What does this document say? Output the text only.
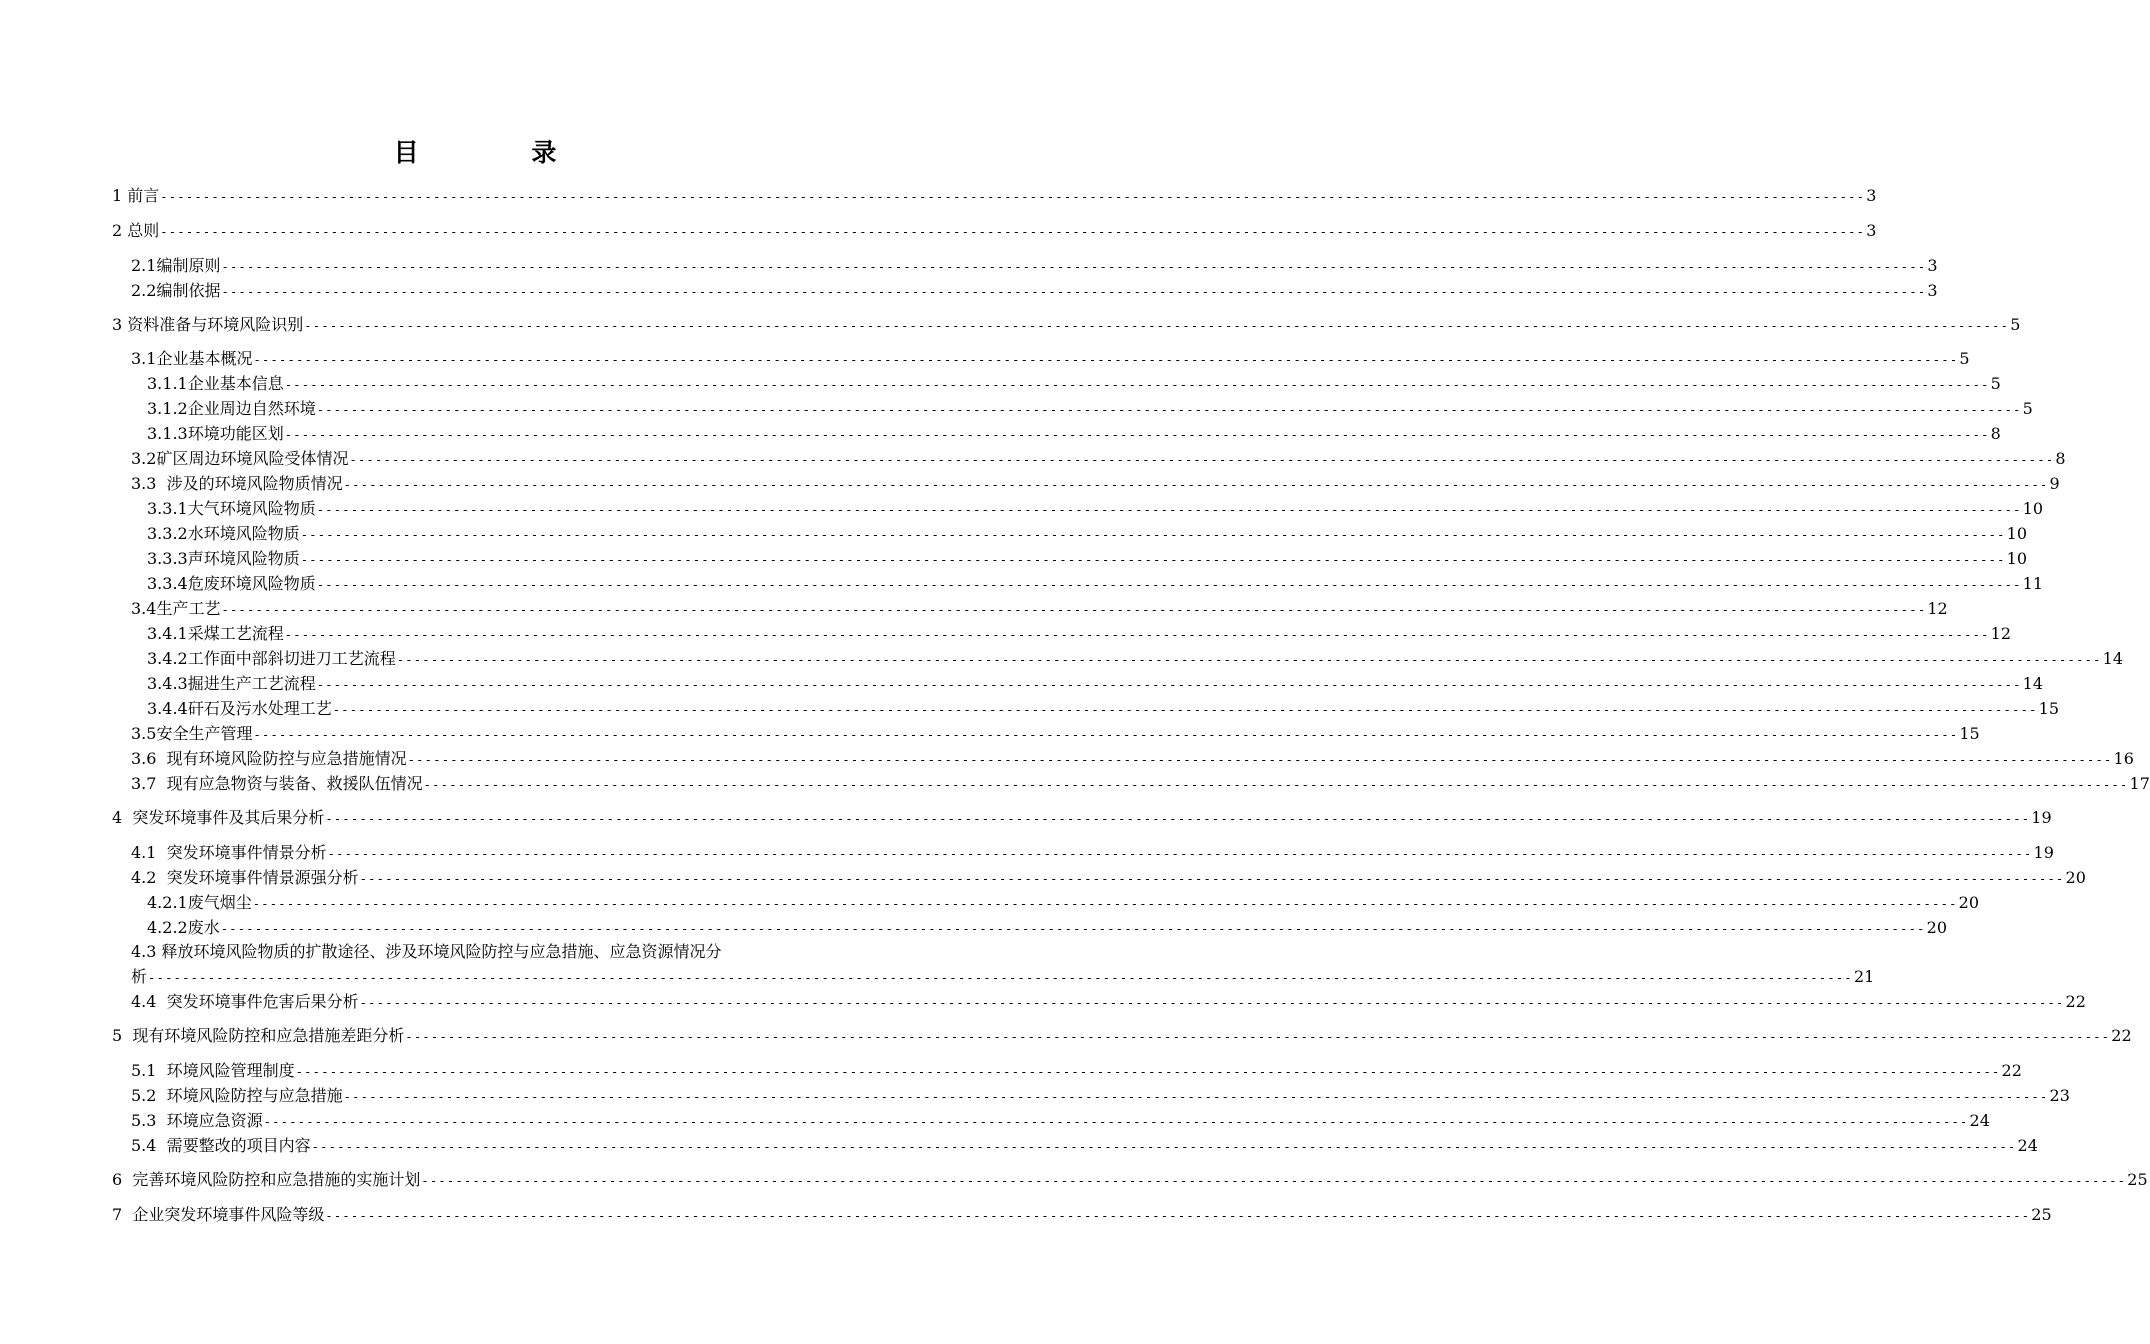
目 录
1 前言 -------------------------------------------------------------------------------------------------------------------------------------------------------------------------------------------------------- 3
2 总则 -------------------------------------------------------------------------------------------------------------------------------------------------------------------------------------------------------- 3
2.1编制原则 -------------------------------------------------------------------------------------------------------------------------------------------------------------------------------------------------------- 3
2.2编制依据 -------------------------------------------------------------------------------------------------------------------------------------------------------------------------------------------------------- 3
3 资料准备与环境风险识别 -------------------------------------------------------------------------------------------------------------------------------------------------------------------------------------------------------- 5
3.1企业基本概况 -------------------------------------------------------------------------------------------------------------------------------------------------------------------------------------------------------- 5
3.1.1企业基本信息 -------------------------------------------------------------------------------------------------------------------------------------------------------------------------------------------------------- 5
3.1.2企业周边自然环境 -------------------------------------------------------------------------------------------------------------------------------------------------------------------------------------------------------- 5
3.1.3环境功能区划 -------------------------------------------------------------------------------------------------------------------------------------------------------------------------------------------------------- 8
3.2矿区周边环境风险受体情况 -------------------------------------------------------------------------------------------------------------------------------------------------------------------------------------------------------- 8
3.3  涉及的环境风险物质情况 -------------------------------------------------------------------------------------------------------------------------------------------------------------------------------------------------------- 9
3.3.1大气环境风险物质 -------------------------------------------------------------------------------------------------------------------------------------------------------------------------------------------------------- 10
3.3.2水环境风险物质 -------------------------------------------------------------------------------------------------------------------------------------------------------------------------------------------------------- 10
3.3.3声环境风险物质 -------------------------------------------------------------------------------------------------------------------------------------------------------------------------------------------------------- 10
3.3.4危废环境风险物质 -------------------------------------------------------------------------------------------------------------------------------------------------------------------------------------------------------- 11
3.4生产工艺 -------------------------------------------------------------------------------------------------------------------------------------------------------------------------------------------------------- 12
3.4.1采煤工艺流程 -------------------------------------------------------------------------------------------------------------------------------------------------------------------------------------------------------- 12
3.4.2工作面中部斜切进刀工艺流程 -------------------------------------------------------------------------------------------------------------------------------------------------------------------------------------------------------- 14
3.4.3掘进生产工艺流程 -------------------------------------------------------------------------------------------------------------------------------------------------------------------------------------------------------- 14
3.4.4矸石及污水处理工艺 -------------------------------------------------------------------------------------------------------------------------------------------------------------------------------------------------------- 15
3.5安全生产管理 -------------------------------------------------------------------------------------------------------------------------------------------------------------------------------------------------------- 15
3.6  现有环境风险防控与应急措施情况 -------------------------------------------------------------------------------------------------------------------------------------------------------------------------------------------------------- 16
3.7  现有应急物资与装备、救援队伍情况 -------------------------------------------------------------------------------------------------------------------------------------------------------------------------------------------------------- 17
4  突发环境事件及其后果分析 -------------------------------------------------------------------------------------------------------------------------------------------------------------------------------------------------------- 19
4.1  突发环境事件情景分析 -------------------------------------------------------------------------------------------------------------------------------------------------------------------------------------------------------- 19
4.2  突发环境事件情景源强分析 -------------------------------------------------------------------------------------------------------------------------------------------------------------------------------------------------------- 20
4.2.1废气烟尘 -------------------------------------------------------------------------------------------------------------------------------------------------------------------------------------------------------- 20
4.2.2废水 -------------------------------------------------------------------------------------------------------------------------------------------------------------------------------------------------------- 20
4.3 释放环境风险物质的扩散途径、涉及环境风险防控与应急措施、应急资源情况分
析 -------------------------------------------------------------------------------------------------------------------------------------------------------------------------------------------------------- 21
4.4  突发环境事件危害后果分析 -------------------------------------------------------------------------------------------------------------------------------------------------------------------------------------------------------- 22
5  现有环境风险防控和应急措施差距分析 -------------------------------------------------------------------------------------------------------------------------------------------------------------------------------------------------------- 22
5.1  环境风险管理制度 -------------------------------------------------------------------------------------------------------------------------------------------------------------------------------------------------------- 22
5.2  环境风险防控与应急措施 -------------------------------------------------------------------------------------------------------------------------------------------------------------------------------------------------------- 23
5.3  环境应急资源 -------------------------------------------------------------------------------------------------------------------------------------------------------------------------------------------------------- 24
5.4  需要整改的项目内容 -------------------------------------------------------------------------------------------------------------------------------------------------------------------------------------------------------- 24
6  完善环境风险防控和应急措施的实施计划 -------------------------------------------------------------------------------------------------------------------------------------------------------------------------------------------------------- 25
7  企业突发环境事件风险等级 -------------------------------------------------------------------------------------------------------------------------------------------------------------------------------------------------------- 25
